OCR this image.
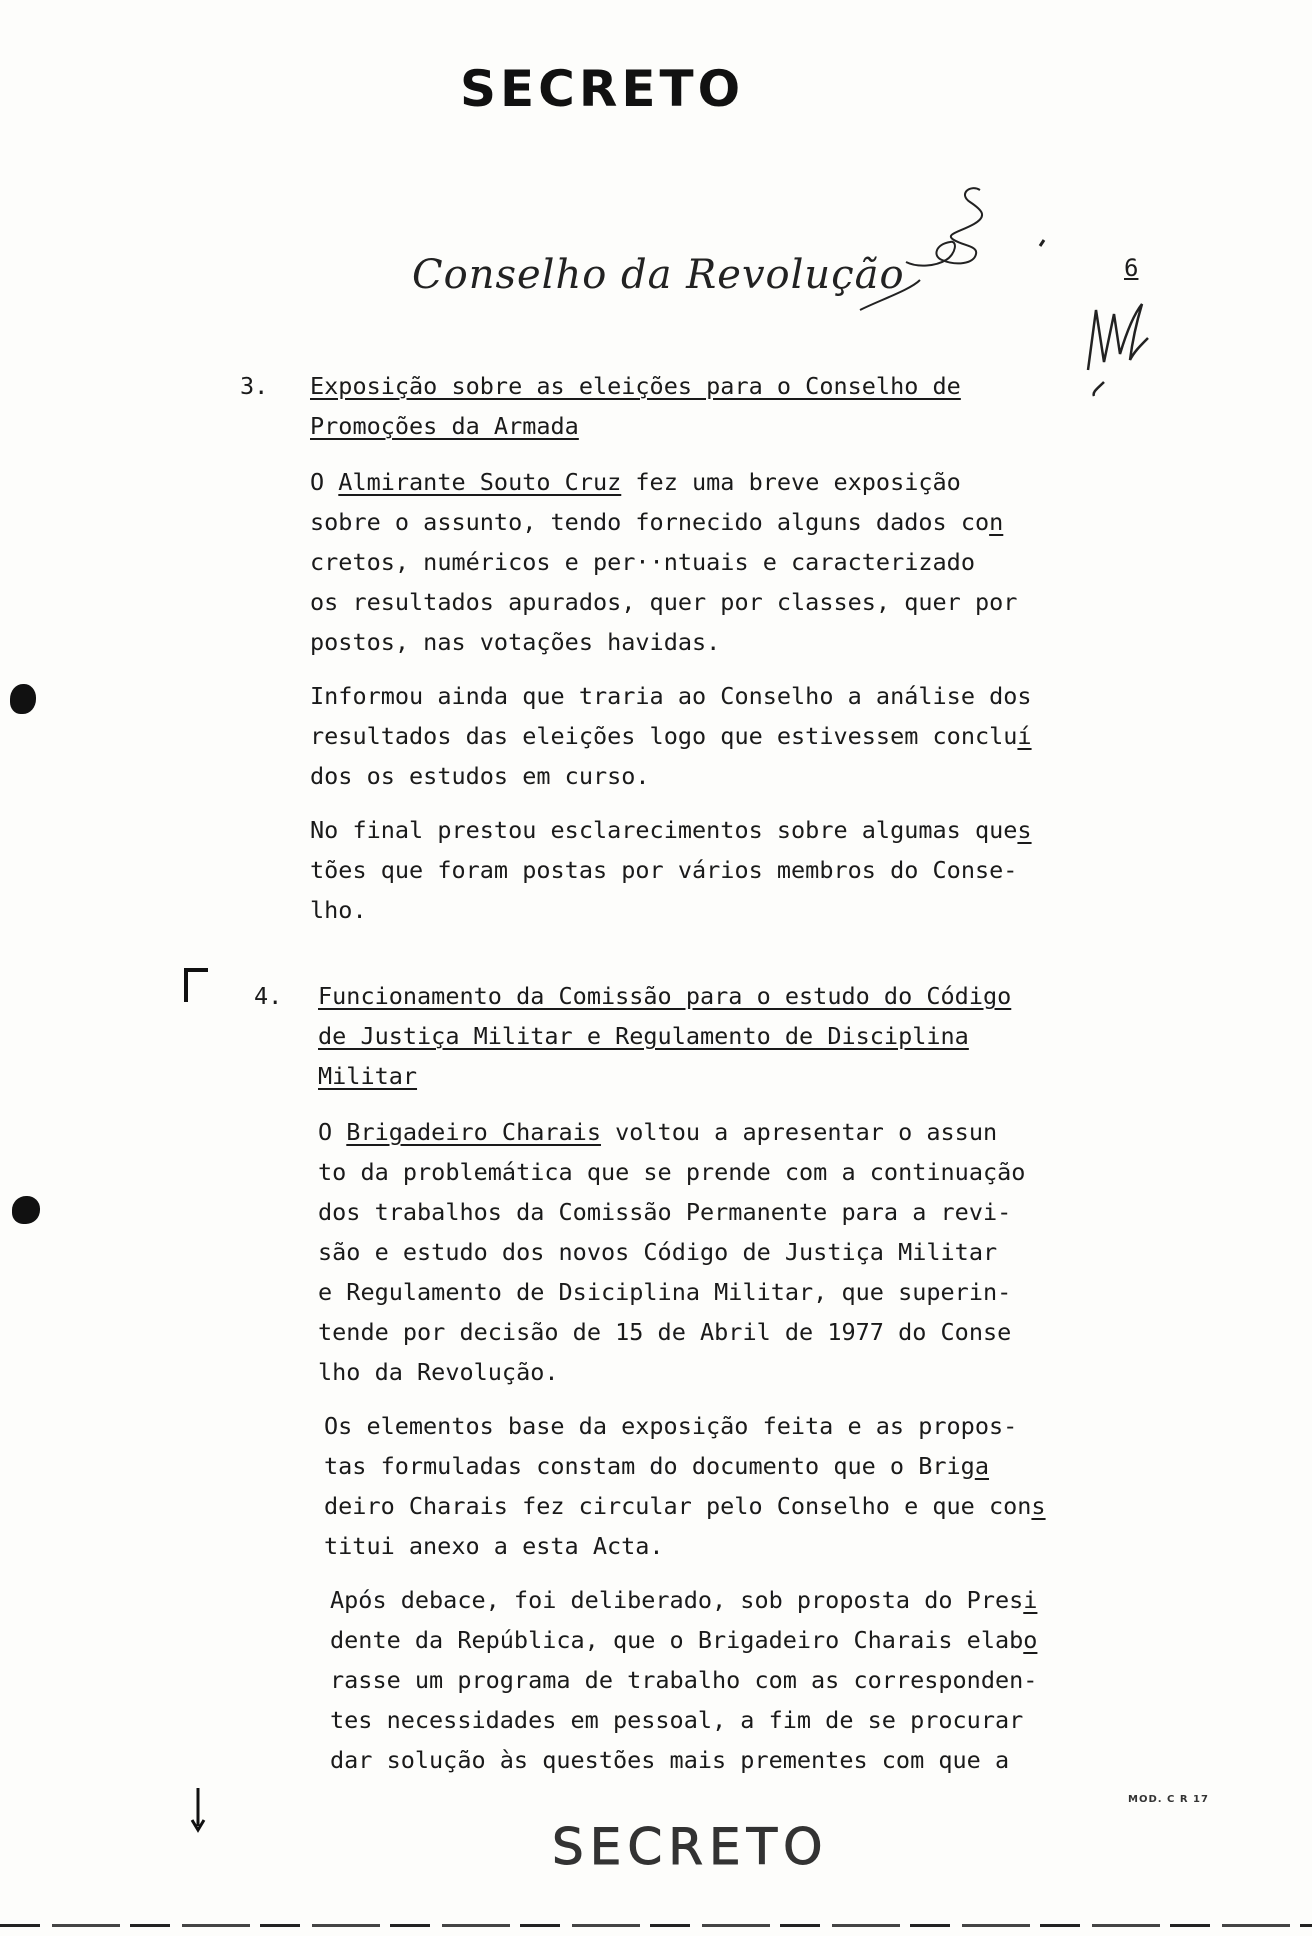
SECRETO
Conselho da Revolução	6
3. Exposição sobre as eleições para o Conselho de
Promoções da Armada
O Almirante Souto Cruz fez uma breve exposição
sobre o assunto, tendo fornecido alguns dados con
cretos, numéricos e per··ntuais e caracterizado
os resultados apurados, quer por classes, quer por
postos, nas votações havidas.
Informou ainda que traria ao Conselho a análise dos
resultados das eleições logo que estivessem concluí
dos os estudos em curso.
No final prestou esclarecimentos sobre algumas ques
tões que foram postas por vários membros do Conse-
lho.
4. Funcionamento da Comissão para o estudo do Código
de Justiça Militar e Regulamento de Disciplina
Militar
O Brigadeiro Charais voltou a apresentar o assun
to da problemática que se prende com a continuação
dos trabalhos da Comissão Permanente para a revi-
são e estudo dos novos Código de Justiça Militar
e Regulamento de Dsiciplina Militar, que superin-
tende por decisão de 15 de Abril de 1977 do Conse
lho da Revolução.
Os elementos base da exposição feita e as propos-
tas formuladas constam do documento que o Briga
deiro Charais fez circular pelo Conselho e que cons
titui anexo a esta Acta.
Após debace, foi deliberado, sob proposta do Presi
dente da República, que o Brigadeiro Charais elabo
rasse um programa de trabalho com as corresponden-
tes necessidades em pessoal, a fim de se procurar
dar solução às questões mais prementes com que a
MOD. C R 17
SECRETO
